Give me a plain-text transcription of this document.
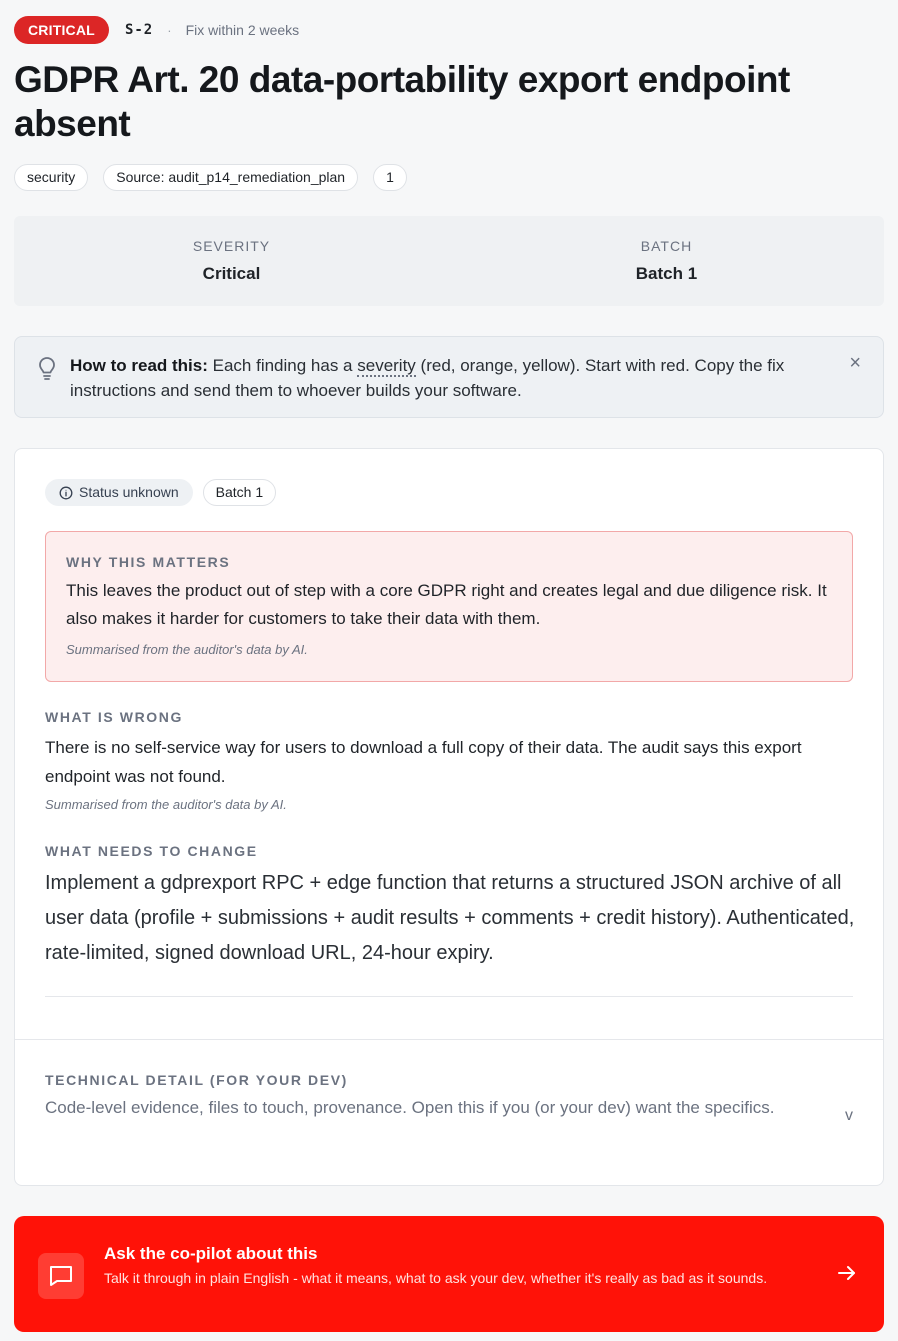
CRITICAL	S-2 · Fix within 2 weeks
GDPR Art. 20 data-portability export endpoint absent
security	Source: audit_p14_remediation_plan	1
SEVERITY
Critical
BATCH
Batch 1
How to read this: Each finding has a severity (red, orange, yellow). Start with red. Copy the fix instructions and send them to whoever builds your software.
×
Status unknown	Batch 1
WHY THIS MATTERS
This leaves the product out of step with a core GDPR right and creates legal and due diligence risk. It also makes it harder for customers to take their data with them.
Summarised from the auditor's data by AI.
WHAT IS WRONG
There is no self-service way for users to download a full copy of their data. The audit says this export endpoint was not found.
Summarised from the auditor's data by AI.
WHAT NEEDS TO CHANGE
Implement a gdprexport RPC + edge function that returns a structured JSON archive of all user data (profile + submissions + audit results + comments + credit history). Authenticated, rate-limited, signed download URL, 24-hour expiry.
TECHNICAL DETAIL (FOR YOUR DEV)
Code-level evidence, files to touch, provenance. Open this if you (or your dev) want the specifics.	v
Ask the co-pilot about this
Talk it through in plain English - what it means, what to ask your dev, whether it's really as bad as it sounds.
